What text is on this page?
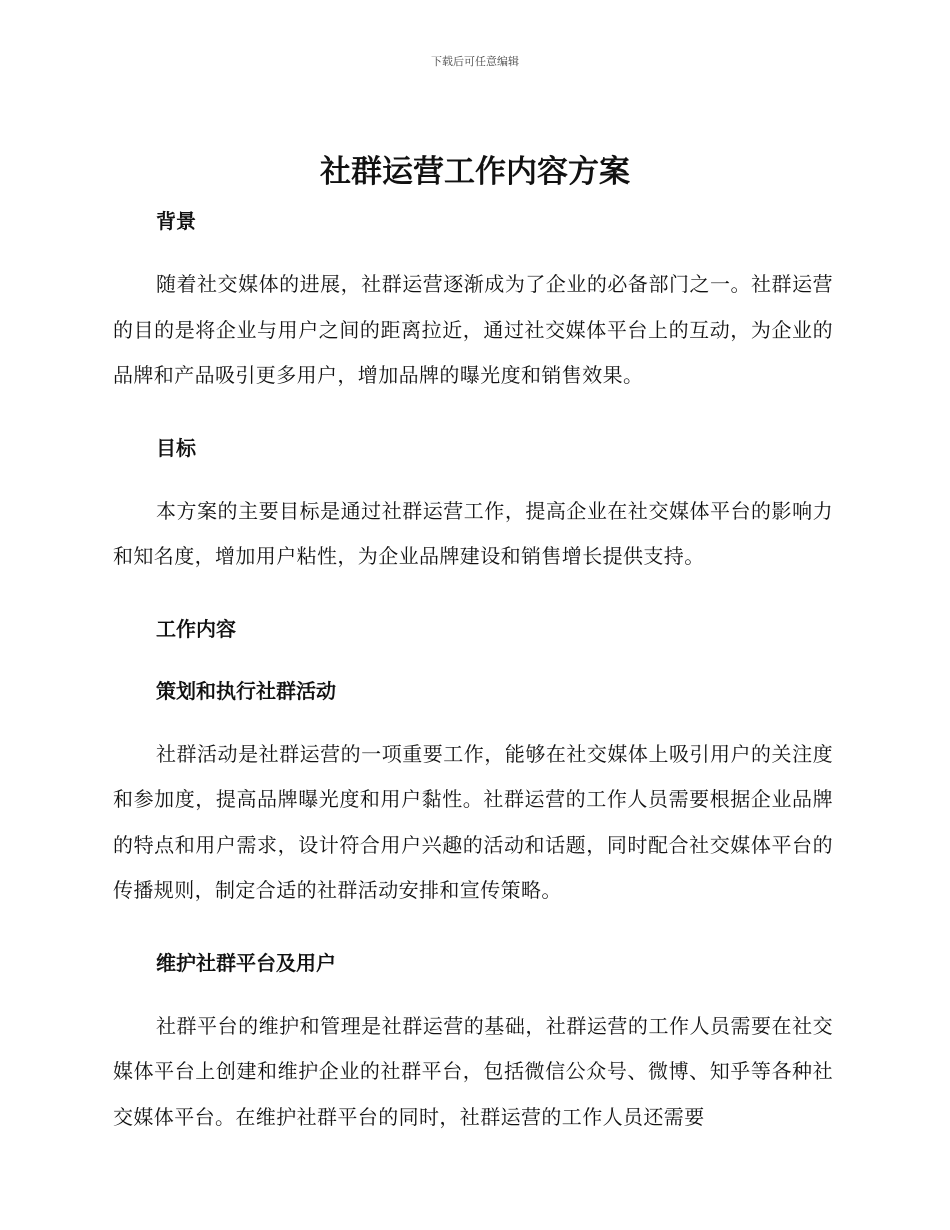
下载后可任意编辑
社群运营工作内容方案
背景

随着社交媒体的进展，社群运营逐渐成为了企业的必备部门之一。社群运营的目的是将企业与用户之间的距离拉近，通过社交媒体平台上的互动，为企业的品牌和产品吸引更多用户，增加品牌的曝光度和销售效果。

目标

本方案的主要目标是通过社群运营工作，提高企业在社交媒体平台的影响力和知名度，增加用户粘性，为企业品牌建设和销售增长提供支持。

工作内容
策划和执行社群活动

社群活动是社群运营的一项重要工作，能够在社交媒体上吸引用户的关注度和参加度，提高品牌曝光度和用户黏性。社群运营的工作人员需要根据企业品牌的特点和用户需求，设计符合用户兴趣的活动和话题，同时配合社交媒体平台的传播规则，制定合适的社群活动安排和宣传策略。

维护社群平台及用户

社群平台的维护和管理是社群运营的基础，社群运营的工作人员需要在社交媒体平台上创建和维护企业的社群平台，包括微信公众号、微博、知乎等各种社交媒体平台。在维护社群平台的同时，社群运营的工作人员还需要
